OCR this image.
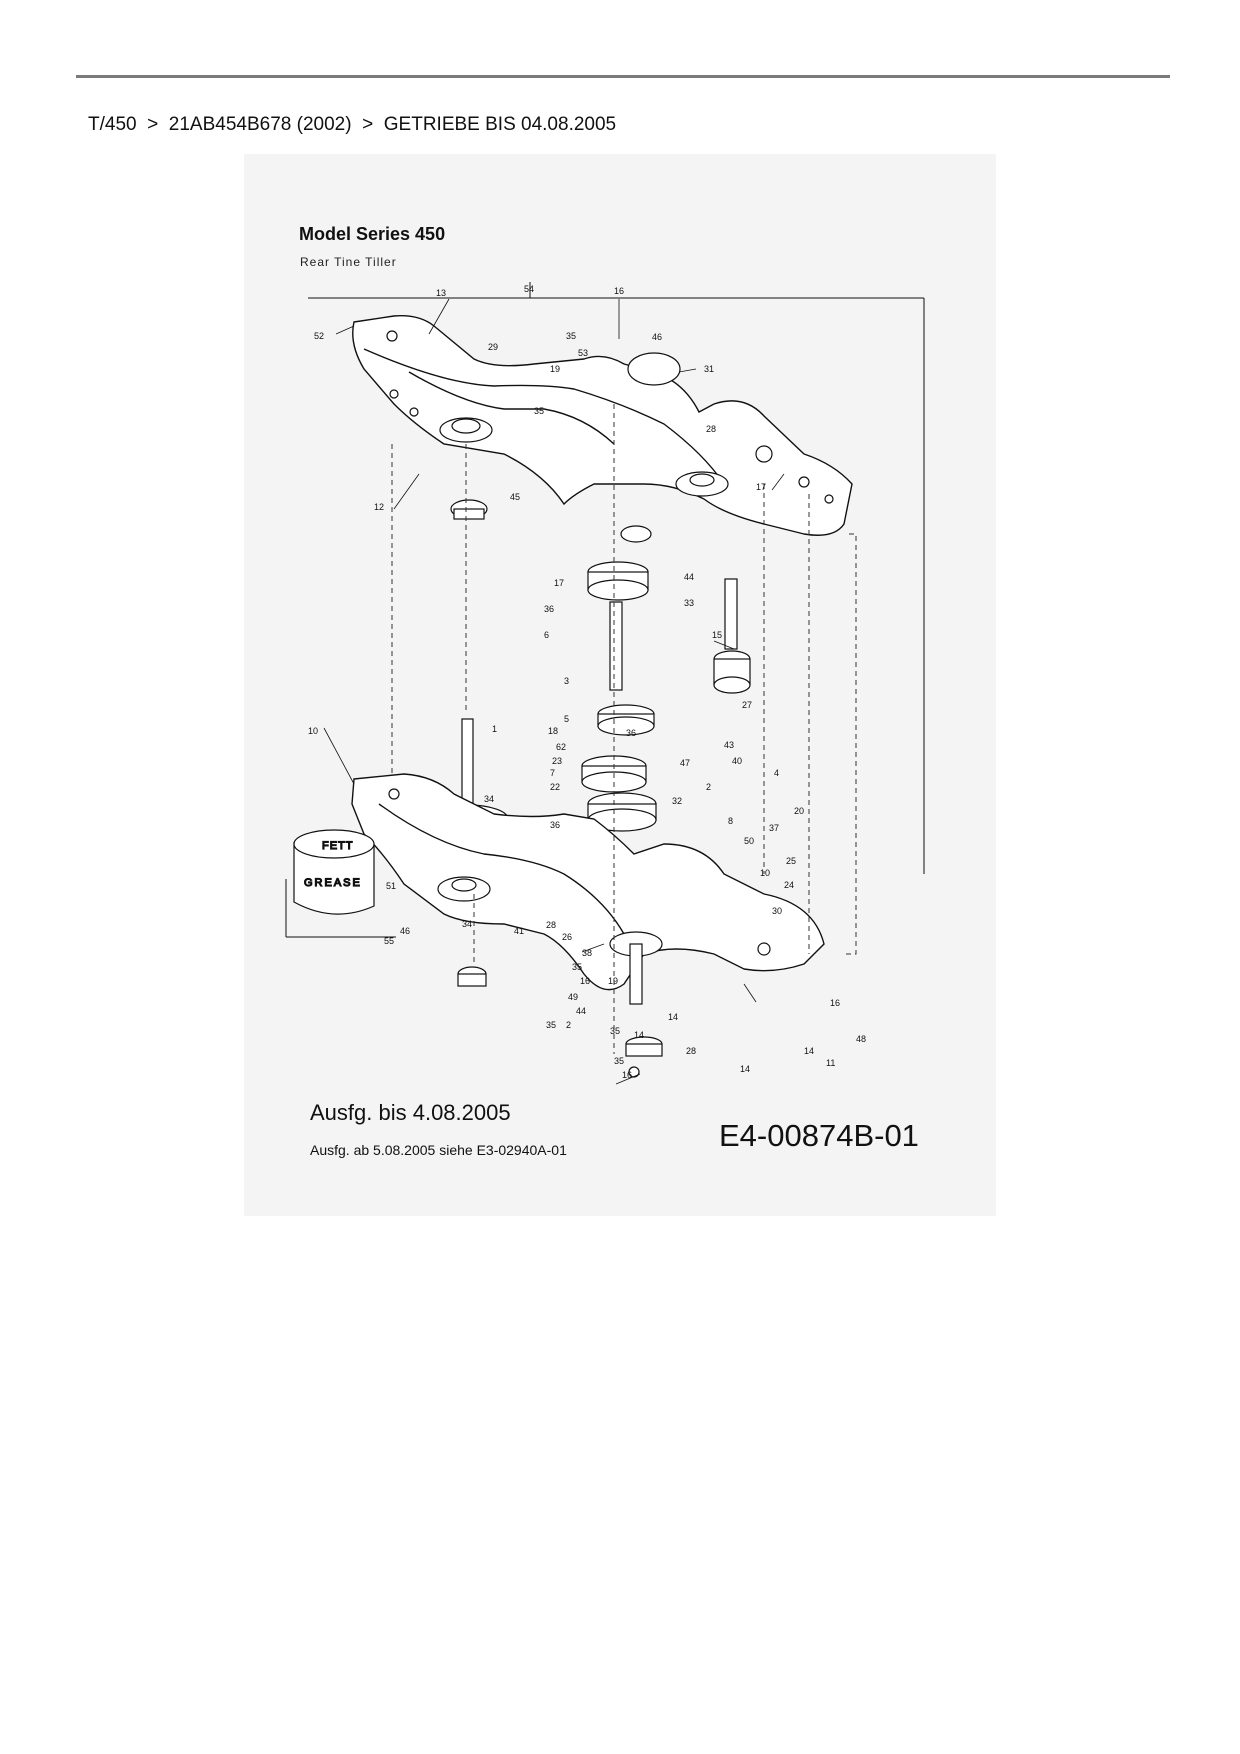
T/450  >  21AB454B678 (2002)  >  GETRIEBE BIS 04.08.2005
FETT
GREASE
54
13
52
29
16
35
53
46
31
19
35
28
12
45
17
17
44
36
33
6	15
3
27
5
1	18
10	36
62
23
43
47	40
4
7
2
22
32
20
34
36	8
37
50
25
51
10
24
34	28
41
30
46
26
38
35
16 19
49
44
35 2
14
35 14
16
28
35
16
14
48
14
11
55
Model Series 450
Rear Tine Tiller
Ausfg. bis 4.08.2005
Ausfg. ab 5.08.2005 siehe E3-02940A-01	E4-00874B-01
